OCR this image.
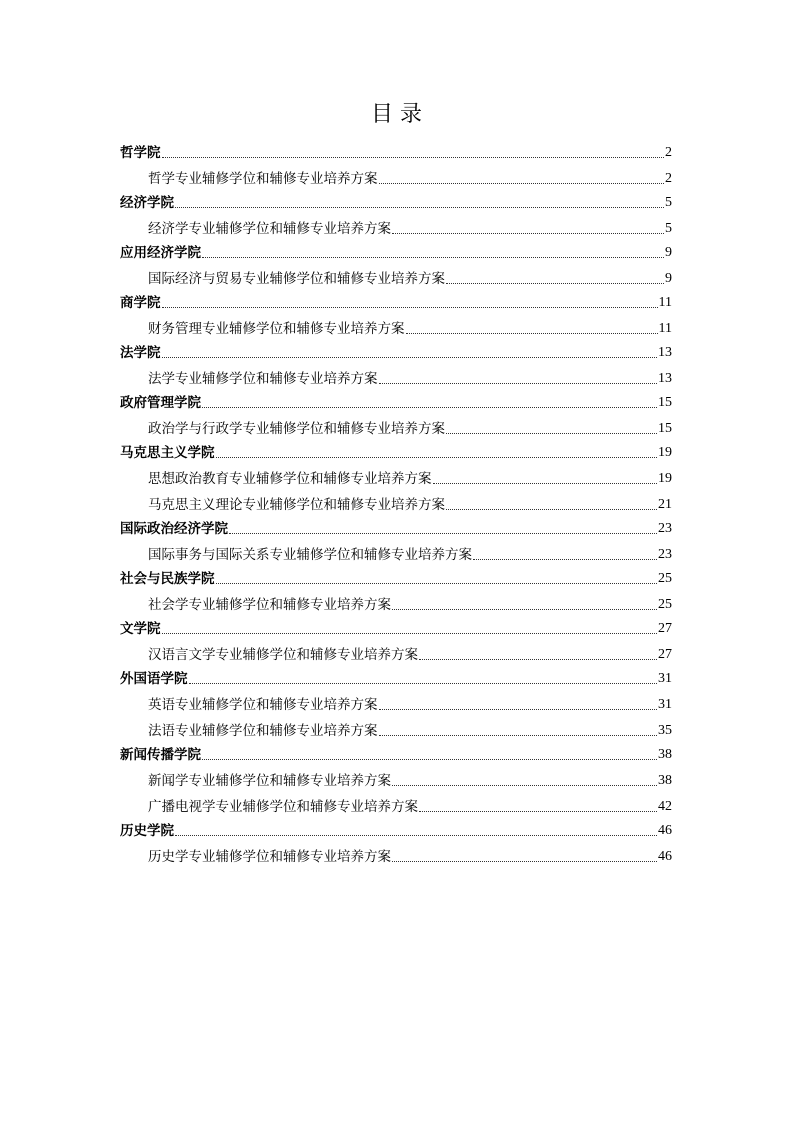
目 录
哲学院	2
哲学专业辅修学位和辅修专业培养方案	2
经济学院	5
经济学专业辅修学位和辅修专业培养方案	5
应用经济学院	9
国际经济与贸易专业辅修学位和辅修专业培养方案	9
商学院	11
财务管理专业辅修学位和辅修专业培养方案	11
法学院	13
法学专业辅修学位和辅修专业培养方案	13
政府管理学院	15
政治学与行政学专业辅修学位和辅修专业培养方案	15
马克思主义学院	19
思想政治教育专业辅修学位和辅修专业培养方案	19
马克思主义理论专业辅修学位和辅修专业培养方案	21
国际政治经济学院	23
国际事务与国际关系专业辅修学位和辅修专业培养方案	23
社会与民族学院	25
社会学专业辅修学位和辅修专业培养方案	25
文学院	27
汉语言文学专业辅修学位和辅修专业培养方案	27
外国语学院	31
英语专业辅修学位和辅修专业培养方案	31
法语专业辅修学位和辅修专业培养方案	35
新闻传播学院	38
新闻学专业辅修学位和辅修专业培养方案	38
广播电视学专业辅修学位和辅修专业培养方案	42
历史学院	46
历史学专业辅修学位和辅修专业培养方案	46
